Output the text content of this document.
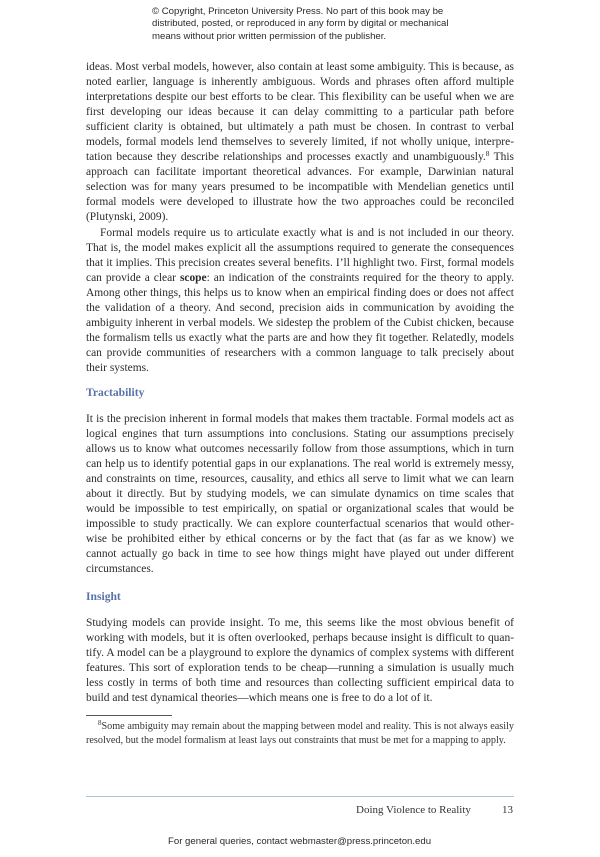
© Copyright, Princeton University Press. No part of this book may be
distributed, posted, or reproduced in any form by digital or mechanical
means without prior written permission of the publisher.

ideas. Most verbal models, however, also contain at least some ambiguity. This is because, as noted earlier, language is inherently ambiguous. Words and phrases often afford multiple interpretations despite our best efforts to be clear. This flexibility can be useful when we are first developing our ideas because it can delay committing to a particular path before sufficient clarity is obtained, but ultimately a path must be chosen. In contrast to verbal models, formal models lend themselves to severely limited, if not wholly unique, interpretation because they describe relationships and processes exactly and unambiguously.$^8$ This approach can facilitate important theoretical advances. For example, Darwinian natural selection was for many years presumed to be incompatible with Mendelian genetics until formal models were developed to illustrate how the two approaches could be reconciled (Plutynski, 2009).

Formal models require us to articulate exactly what is and is not included in our theory. That is, the model makes explicit all the assumptions required to generate the consequences that it implies. This precision creates several benefits. I’ll highlight two. First, formal models can provide a clear scope: an indication of the constraints required for the theory to apply. Among other things, this helps us to know when an empirical finding does or does not affect the validation of a theory. And second, precision aids in communication by avoiding the ambiguity inherent in verbal models. We sidestep the problem of the Cubist chicken, because the formalism tells us exactly what the parts are and how they fit together. Relatedly, models can provide communities of researchers with a common language to talk precisely about their systems.

Tractability

It is the precision inherent in formal models that makes them tractable. Formal models act as logical engines that turn assumptions into conclusions. Stating our assumptions precisely allows us to know what outcomes necessarily follow from those assumptions, which in turn can help us to identify potential gaps in our explanations. The real world is extremely messy, and constraints on time, resources, causality, and ethics all serve to limit what we can learn about it directly. But by studying models, we can simulate dynamics on time scales that would be impossible to test empirically, on spatial or organizational scales that would be impossible to study practically. We can explore counterfactual scenarios that would otherwise be prohibited either by ethical concerns or by the fact that (as far as we know) we cannot actually go back in time to see how things might have played out under different circumstances.

Insight

Studying models can provide insight. To me, this seems like the most obvious benefit of working with models, but it is often overlooked, perhaps because insight is difficult to quantify. A model can be a playground to explore the dynamics of complex systems with different features. This sort of exploration tends to be cheap—running a simulation is usually much less costly in terms of both time and resources than collecting sufficient empirical data to build and test dynamical theories—which means one is free to do a lot of it.

$^8$Some ambiguity may remain about the mapping between model and reality. This is not always easily resolved, but the model formalism at least lays out constraints that must be met for a mapping to apply.
Doing Violence to Reality	13
For general queries, contact webmaster@press.princeton.edu
